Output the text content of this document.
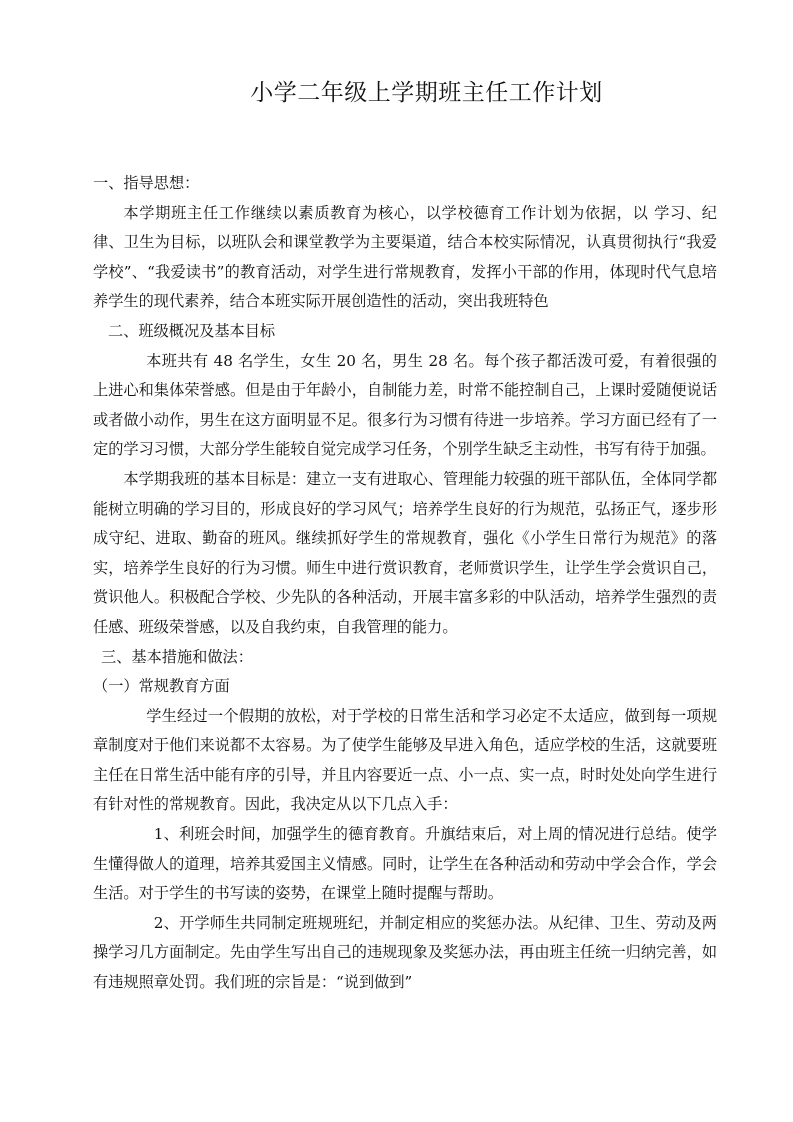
小学二年级上学期班主任工作计划

一、指导思想：

本学期班主任工作继续以素质教育为核心，以学校德育工作计划为依据，以 学习、纪律、卫生为目标，以班队会和课堂教学为主要渠道，结合本校实际情况，认真贯彻执行“我爱学校”、“我爱读书”的教育活动，对学生进行常规教育，发挥小干部的作用，体现时代气息培养学生的现代素养，结合本班实际开展创造性的活动，突出我班特色

二、班级概况及基本目标

本班共有 48 名学生，女生 20 名，男生 28 名。每个孩子都活泼可爱，有着很强的上进心和集体荣誉感。但是由于年龄小，自制能力差，时常不能控制自己，上课时爱随便说话或者做小动作，男生在这方面明显不足。很多行为习惯有待进一步培养。学习方面已经有了一定的学习习惯，大部分学生能较自觉完成学习任务，个别学生缺乏主动性，书写有待于加强。

本学期我班的基本目标是：建立一支有进取心、管理能力较强的班干部队伍，全体同学都能树立明确的学习目的，形成良好的学习风气；培养学生良好的行为规范，弘扬正气，逐步形成守纪、进取、勤奋的班风。继续抓好学生的常规教育，强化《小学生日常行为规范》的落实，培养学生良好的行为习惯。师生中进行赏识教育，老师赏识学生，让学生学会赏识自己，赏识他人。积极配合学校、少先队的各种活动，开展丰富多彩的中队活动，培养学生强烈的责任感、班级荣誉感，以及自我约束，自我管理的能力。

三、基本措施和做法：

（一）常规教育方面

学生经过一个假期的放松，对于学校的日常生活和学习必定不太适应，做到每一项规章制度对于他们来说都不太容易。为了使学生能够及早进入角色，适应学校的生活，这就要班主任在日常生活中能有序的引导，并且内容要近一点、小一点、实一点，时时处处向学生进行有针对性的常规教育。因此，我决定从以下几点入手：

1、利班会时间，加强学生的德育教育。升旗结束后，对上周的情况进行总结。使学生懂得做人的道理，培养其爱国主义情感。同时，让学生在各种活动和劳动中学会合作，学会生活。对于学生的书写读的姿势，在课堂上随时提醒与帮助。

2、开学师生共同制定班规班纪，并制定相应的奖惩办法。从纪律、卫生、劳动及两操学习几方面制定。先由学生写出自己的违规现象及奖惩办法，再由班主任统一归纳完善，如有违规照章处罚。我们班的宗旨是：“说到做到”
